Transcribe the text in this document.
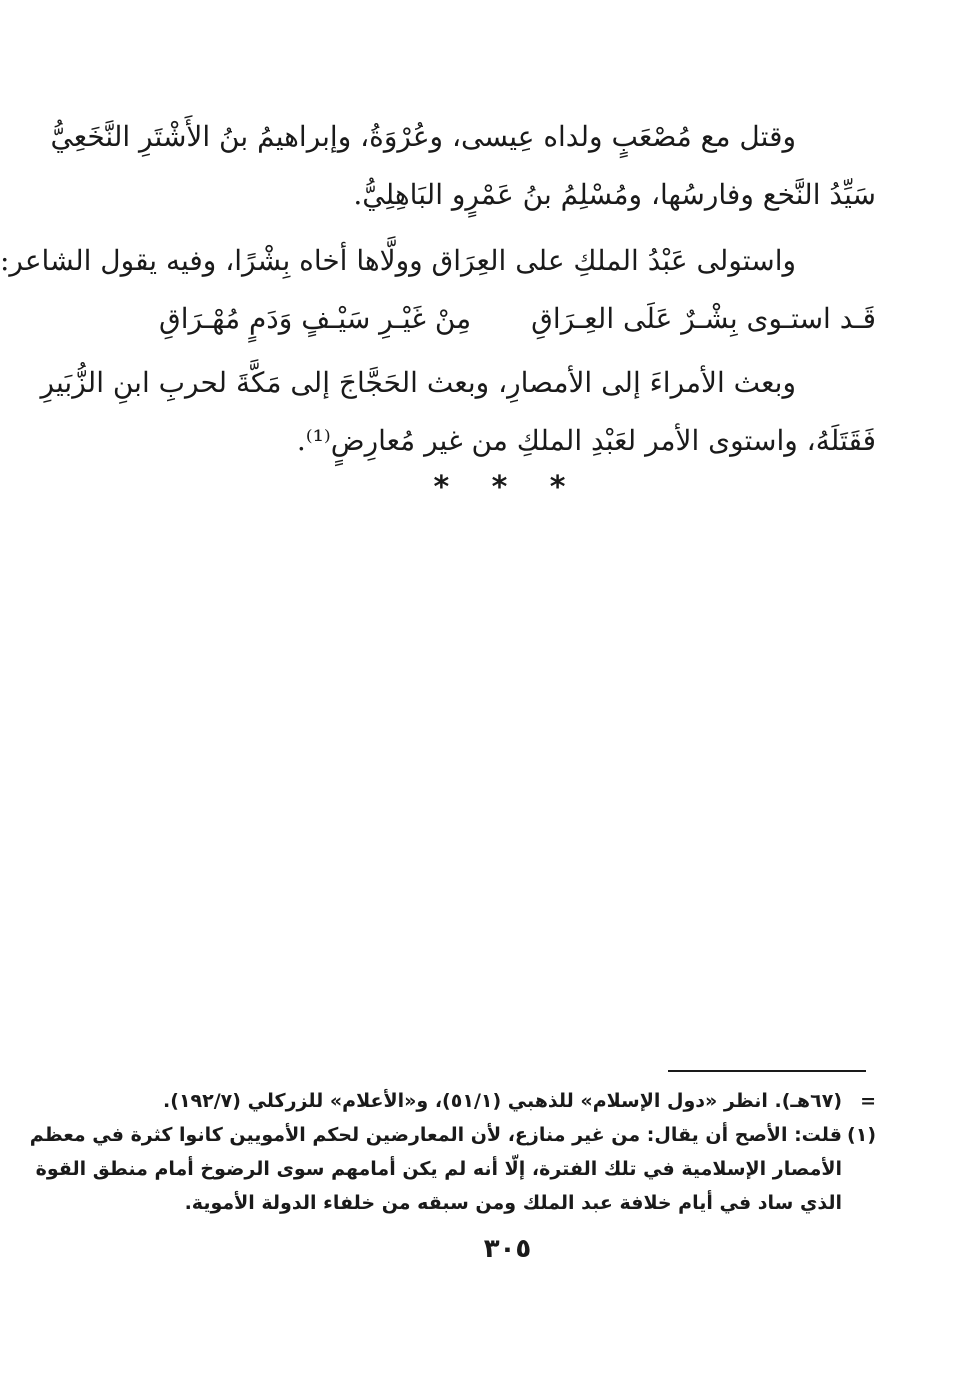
وقتل مع مُصْعَبٍ ولداه عِيسى، وعُرْوَةُ، وإبراهيمُ بنُ الأَشْتَرِ النَّخَعِيُّ
سَيِّدُ النَّخع وفارسُها، ومُسْلِمُ بنُ عَمْرٍو البَاهِلِيُّ.
واستولى عَبْدُ الملكِ على العِرَاق وولَّاها أخاه بِشْرًا، وفيه يقول الشاعر:
قَـد استـوى بِشْـرٌ عَلَى العِـرَاقِ
مِنْ غَيْـرِ سَيْـفٍ وَدَمٍ مُهْـرَاقِ
وبعث الأمراءَ إلى الأمصارِ، وبعث الحَجَّاجَ إلى مَكَّةَ لحربِ ابنِ الزُّبَيرِ
فَقَتَلَهُ، واستوى الأمر لعَبْدِ الملكِ من غير مُعارِضٍ⁽¹⁾.
* * *
=(٦٧هـ). انظر «دول الإسلام» للذهبي (٥١/١)، و«الأعلام» للزركلي (١٩٢/٧).
(١)قلت: الأصح أن يقال: من غير منازع، لأن المعارضين لحكم الأمويين كانوا كثرة في معظم
الأمصار الإسلامية في تلك الفترة، إلّا أنه لم يكن أمامهم سوى الرضوخ أمام منطق القوة
الذي ساد في أيام خلافة عبد الملك ومن سبقه من خلفاء الدولة الأموية.
٣٠٥
